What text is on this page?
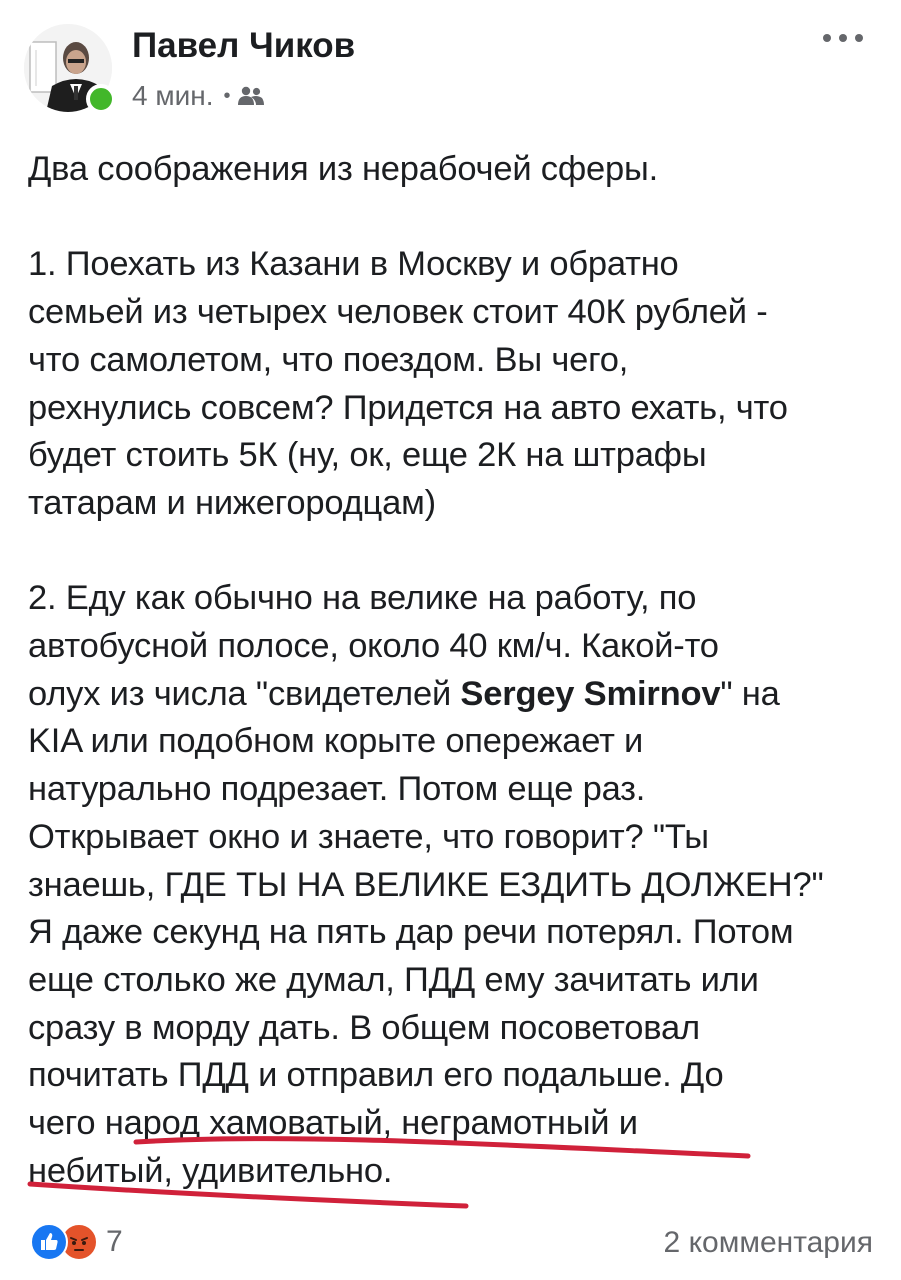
Павел Чиков
4 мин. •

Два соображения из нерабочей сферы.

1. Поехать из Казани в Москву и обратно

семьей из четырех человек стоит 40К рублей -

что самолетом, что поездом. Вы чего,

рехнулись совсем? Придется на авто ехать, что

будет стоить 5К (ну, ок, еще 2К на штрафы

татарам и нижегородцам)

2. Еду как обычно на велике на работу, по

автобусной полосе, около 40 км/ч. Какой-то

олух из числа "свидетелей Sergey Smirnov" на

KIA или подобном корыте опережает и

натурально подрезает. Потом еще раз.

Открывает окно и знаете, что говорит? "Ты

знаешь, ГДЕ ТЫ НА ВЕЛИКЕ ЕЗДИТЬ ДОЛЖЕН?"

Я даже секунд на пять дар речи потерял. Потом

еще столько же думал, ПДД ему зачитать или

сразу в морду дать. В общем посоветовал

почитать ПДД и отправил его подальше. До

чего народ хамоватый, неграмотный и

небитый, удивительно.

7	2 комментария
